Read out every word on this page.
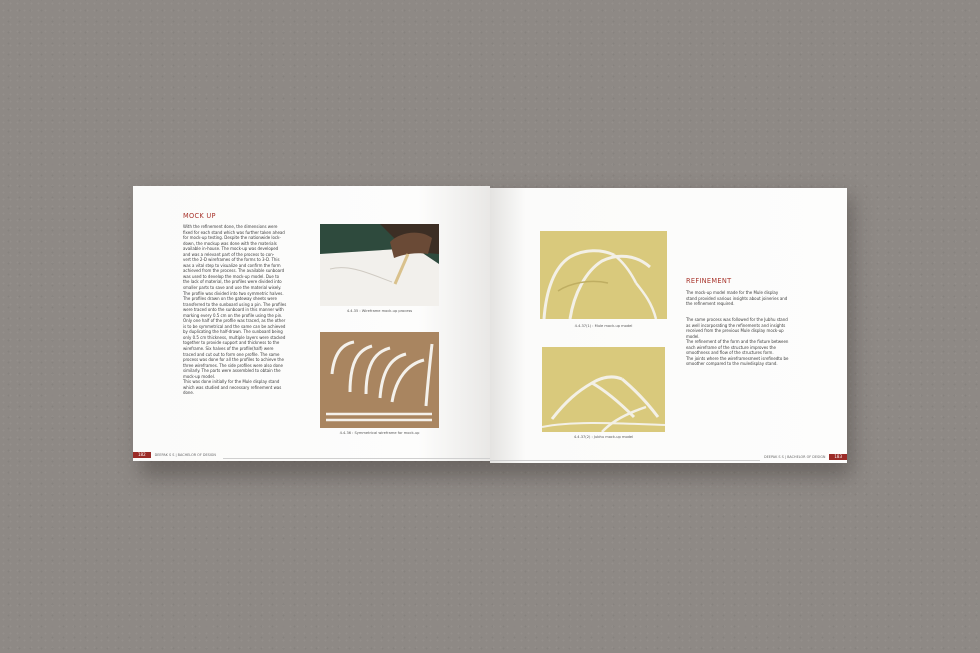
MOCK UP
With the refinement done, the dimensions were
fixed for each stand which was further taken ahead
for mock-up testing. Despite the nationwide lock-
down, the mockup was done with the materials
available in-house. The mock-up was developed
and was a relevant part of the process to con-
vert the 2-D wireframes of the forms to 3-D. This
was a vital step to visualize and confirm the form
achieved from the process. The available sunboard
was used to develop the mock-up model. Due to
the lack of material, the profiles were divided into
smaller parts to save and use the material wisely.
The profile was divided into two symmetric halves.
The profiles drawn on the gateway sheets were
transferred to the sunboard using a pin. The profiles
were traced onto the sunboard in this manner with
marking every 0.5 cm on the profile using the pin.
Only one half of the profile was traced, as the other
is to be symmetrical and the same can be achieved
by duplicating the half-drawn. The sunboard being
only 0.5 cm thickness, multiple layers were stacked
together to provide support and thickness to the
wireframe. Six halves of the profile(half) were
traced and cut out to form one profile. The same
process was done for all the profiles to achieve the
three wireframes. The side profiles were also done
similarly. The parts were assembled to obtain the
mock-up model.
This was done initially for the Mule display stand
which was studied and necessary refinement was
done.
4.4.35 : Wireframe mock-up process
4.4.36 : Symmetrical wireframe for mock-up
182	DEEPAK S S | BACHELOR OF DESIGN
4.4.37(1) : Mule mock-up model
4.4.37(2) : Jubhu mock-up model
REFINEMENT
The mock-up model made for the Mule display
stand provided various insights about joineries and
the refinement required.
The same process was followed for the Jubhu stand
as well incorporating the refinements and insights
received from the previous Mule display mock-up
model.
The refinement of the form and the fixture between
each wireframe of the structure improves the
smoothness and flow of the structures form.
The joints where the wireframesmeet isrefinedto be
smoother compared to the muledisplay stand.
DEEPAK S S | BACHELOR OF DESIGN 183
